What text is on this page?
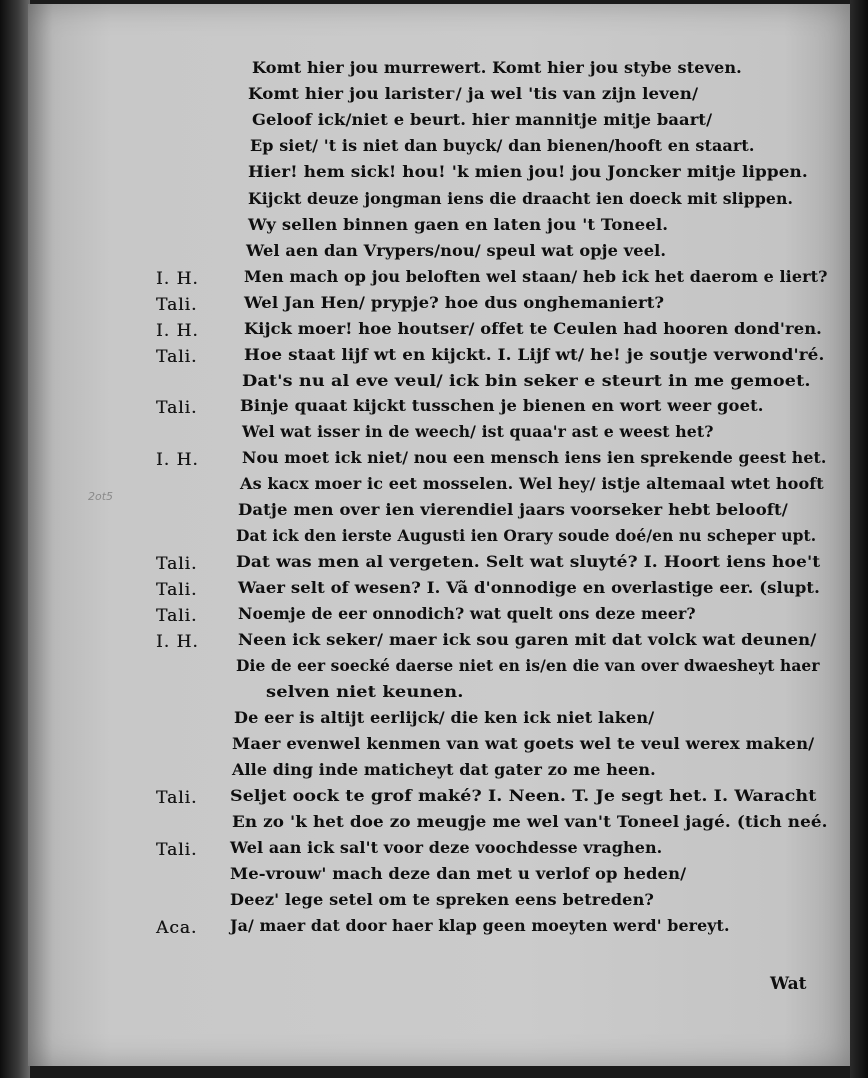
Komt hier jou murrewert. Komt hier jou stybe steven.
Komt hier jou laristег/ ja wel 'tis van zijn leven/
Geloof ick/niet e beurt. hier mannitje mitje baart/
Ep siet/ 't is niet dan buyck/ dan bienen/hooft en staart.
Hier! hem sick! hou! 'k mien jou! jou Joncker mitje lippen.
Kijckt deuze jongman iens die draacht ien doeck mit slippen.
Wy sellen binnen gaen en laten jou 't Tonеel.
Wel aen dan Vrypers/nou/ speul wat opje veel.
I. H.	Men mach op jou beloften wel staan/ heb ick het daerom e liert?
Tali.	Wel Jan Hen/ prypje? hoe dus onghemaniert?
I. H.	Kijck moer! hoe houtser/ offet te Ceulen had hooren dond'ren.
Tali.	Hoe staat lijf wt en kijckt. I. Lijf wt/ he! je soutje verwond'ré.
Dat's nu al eve veul/ ick bin seker e steurt in me gemoet.
Tali.	Binje quaat kijckt tusschen je bienen en wort weer goet.
Wel wat isser in de weech/ ist quaa'r ast e weest het?
I. H.	Nou moet ick niet/ nou een mensch iens ien sprekende geest het.
As kacx moer ic eet mosselen. Wel hey/ istje altemaal wtet hooft
Datje men over ien vierendiel jaars voorseker hebt belooft/
Dat ick den ierste Augusti ien Orary soude doé/en nu scheper upt.
Tali. Dat was men al vergeten. Selt wat sluyté? I. Hoort iens hoe't
Tali.	Waer selt of wesen? I. Vã d'onnodige en overlastige eer. (slupt.
Tali.	Noemje de eer onnodich? wat quelt ons deze meer?
I. H. Neen ick seker/ maer ick sou garen mit dat volck wat deunen/
Die de eer soecké daerse niet en is/en die van over dwaesheyt haer
selven niet keunen.
De eer is altijt eerlijck/ die ken ick niet laken/
Maer evenwel kenmen van wat goets wel te veul werex maken/
Alle ding inde matichеyt dat gater zo me heen.
Tali. Seljet oock te grof maké? I. Neen. T. Je segt het. I. Waracht
En zo 'k het doe zo meugje me wel van't Toneel jagé. (tich neé.
Tali. Wel aan ick sal't voor deze voochdesse vraghen.
Me-vrouw' mach deze dan met u verlof op heden/
Deez' lege setel om te spreken eens betreden?
Aca. Ja/ maer dat door haer klap geen moeyten werd' bereyt.
2ot5
Wat
